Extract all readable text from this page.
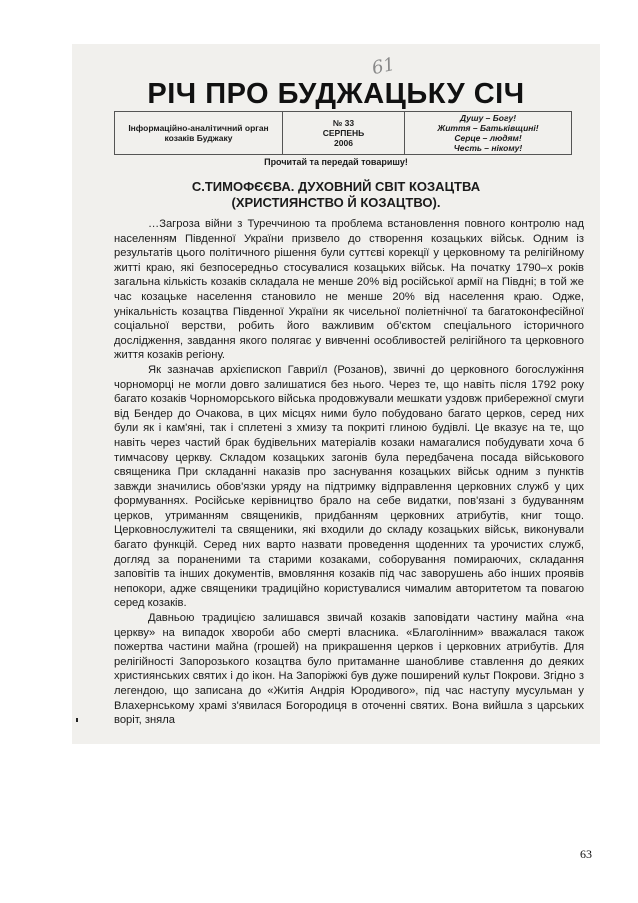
61
РІЧ ПРО БУДЖАЦЬКУ СІЧ
Інформаційно-аналітичний орган
козаків Буджаку
№ 33
СЕРПЕНЬ
2006
Душу – Богу!
Життя – Батьківщині!
Серце – людям!
Честь – нікому!
Прочитай та передай товаришу!
С.ТИМОФЄЄВА. ДУХОВНИЙ СВІТ КОЗАЦТВА
(ХРИСТИЯНСТВО Й КОЗАЦТВО).

…Загроза війни з Туреччиною та проблема встановлення повного контролю над населенням Південної України призвело до створення козацьких військ. Одним із результатів цього політичного рішення були суттєві корекції у церковному та релігійному житті краю, які безпосередньо стосувалися козацьких військ. На початку 1790–х років загальна кількість козаків складала не менше 20% від російської армії на Півдні; в той же час козацьке населення становило не менше 20% від населення краю. Одже, унікальність козацтва Південної України як чисельної поліетнічної та багатоконфесійної соціальної верстви, робить його важливим об'єктом спеціального історичного дослідження, завдання якого полягає у вивченні особливостей релігійного та церковного життя козаків регіону.

Як зазначав архієпископ Гавриїл (Розанов), звичні до церковного богослужіння чорноморці не могли довго залишатися без нього. Через те, що навіть після 1792 року багато козаків Чорноморського війська продовжували мешкати уздовж прибережної смуги від Бендер до Очакова, в цих місцях ними було побудовано багато церков, серед них були як і кам'яні, так і сплетені з хмизу та покриті глиною будівлі. Це вказує на те, що навіть через частий брак будівельних матеріалів козаки намагалися побудувати хоча б тимчасову церкву. Складом козацьких загонів була передбачена посада військового священика При складанні наказів про заснування козацьких військ одним з пунктів завжди значились обов'язки уряду на підтримку відправлення церковних служб у цих формуваннях. Російське керівництво брало на себе видатки, пов'язані з будуванням церков, утриманням священиків, придбанням церковних атрибутів, книг тощо. Церковнослужителі та священики, які входили до складу козацьких військ, виконували багато функцій. Серед них варто назвати проведення щоденних та урочистих служб, догляд за пораненими та старими козаками, соборування помираючих, складання заповітів та інших документів, вмовляння козаків під час заворушень або інших проявів непокори, адже священики традиційно користувалися чималим авторитетом та повагою серед козаків.

Давньою традицією залишався звичай козаків заповідати частину майна «на церкву» на випадок хвороби або смерті власника. «Благолінним» вважалася також пожертва частини майна (грошей) на прикрашення церков і церковних атрибутів. Для релігійності Запорозького козацтва було притаманне шанобливе ставлення до деяких християнських святих і до ікон. На Запоріжжі був дуже поширений культ Покрови. Згідно з легендою, що записана до «Житія Андрія Юродивого», під час наступу мусульман у Влахернському храмі з'явилася Богородиця в оточенні святих. Вона вийшла з царських воріт, зняла

63
